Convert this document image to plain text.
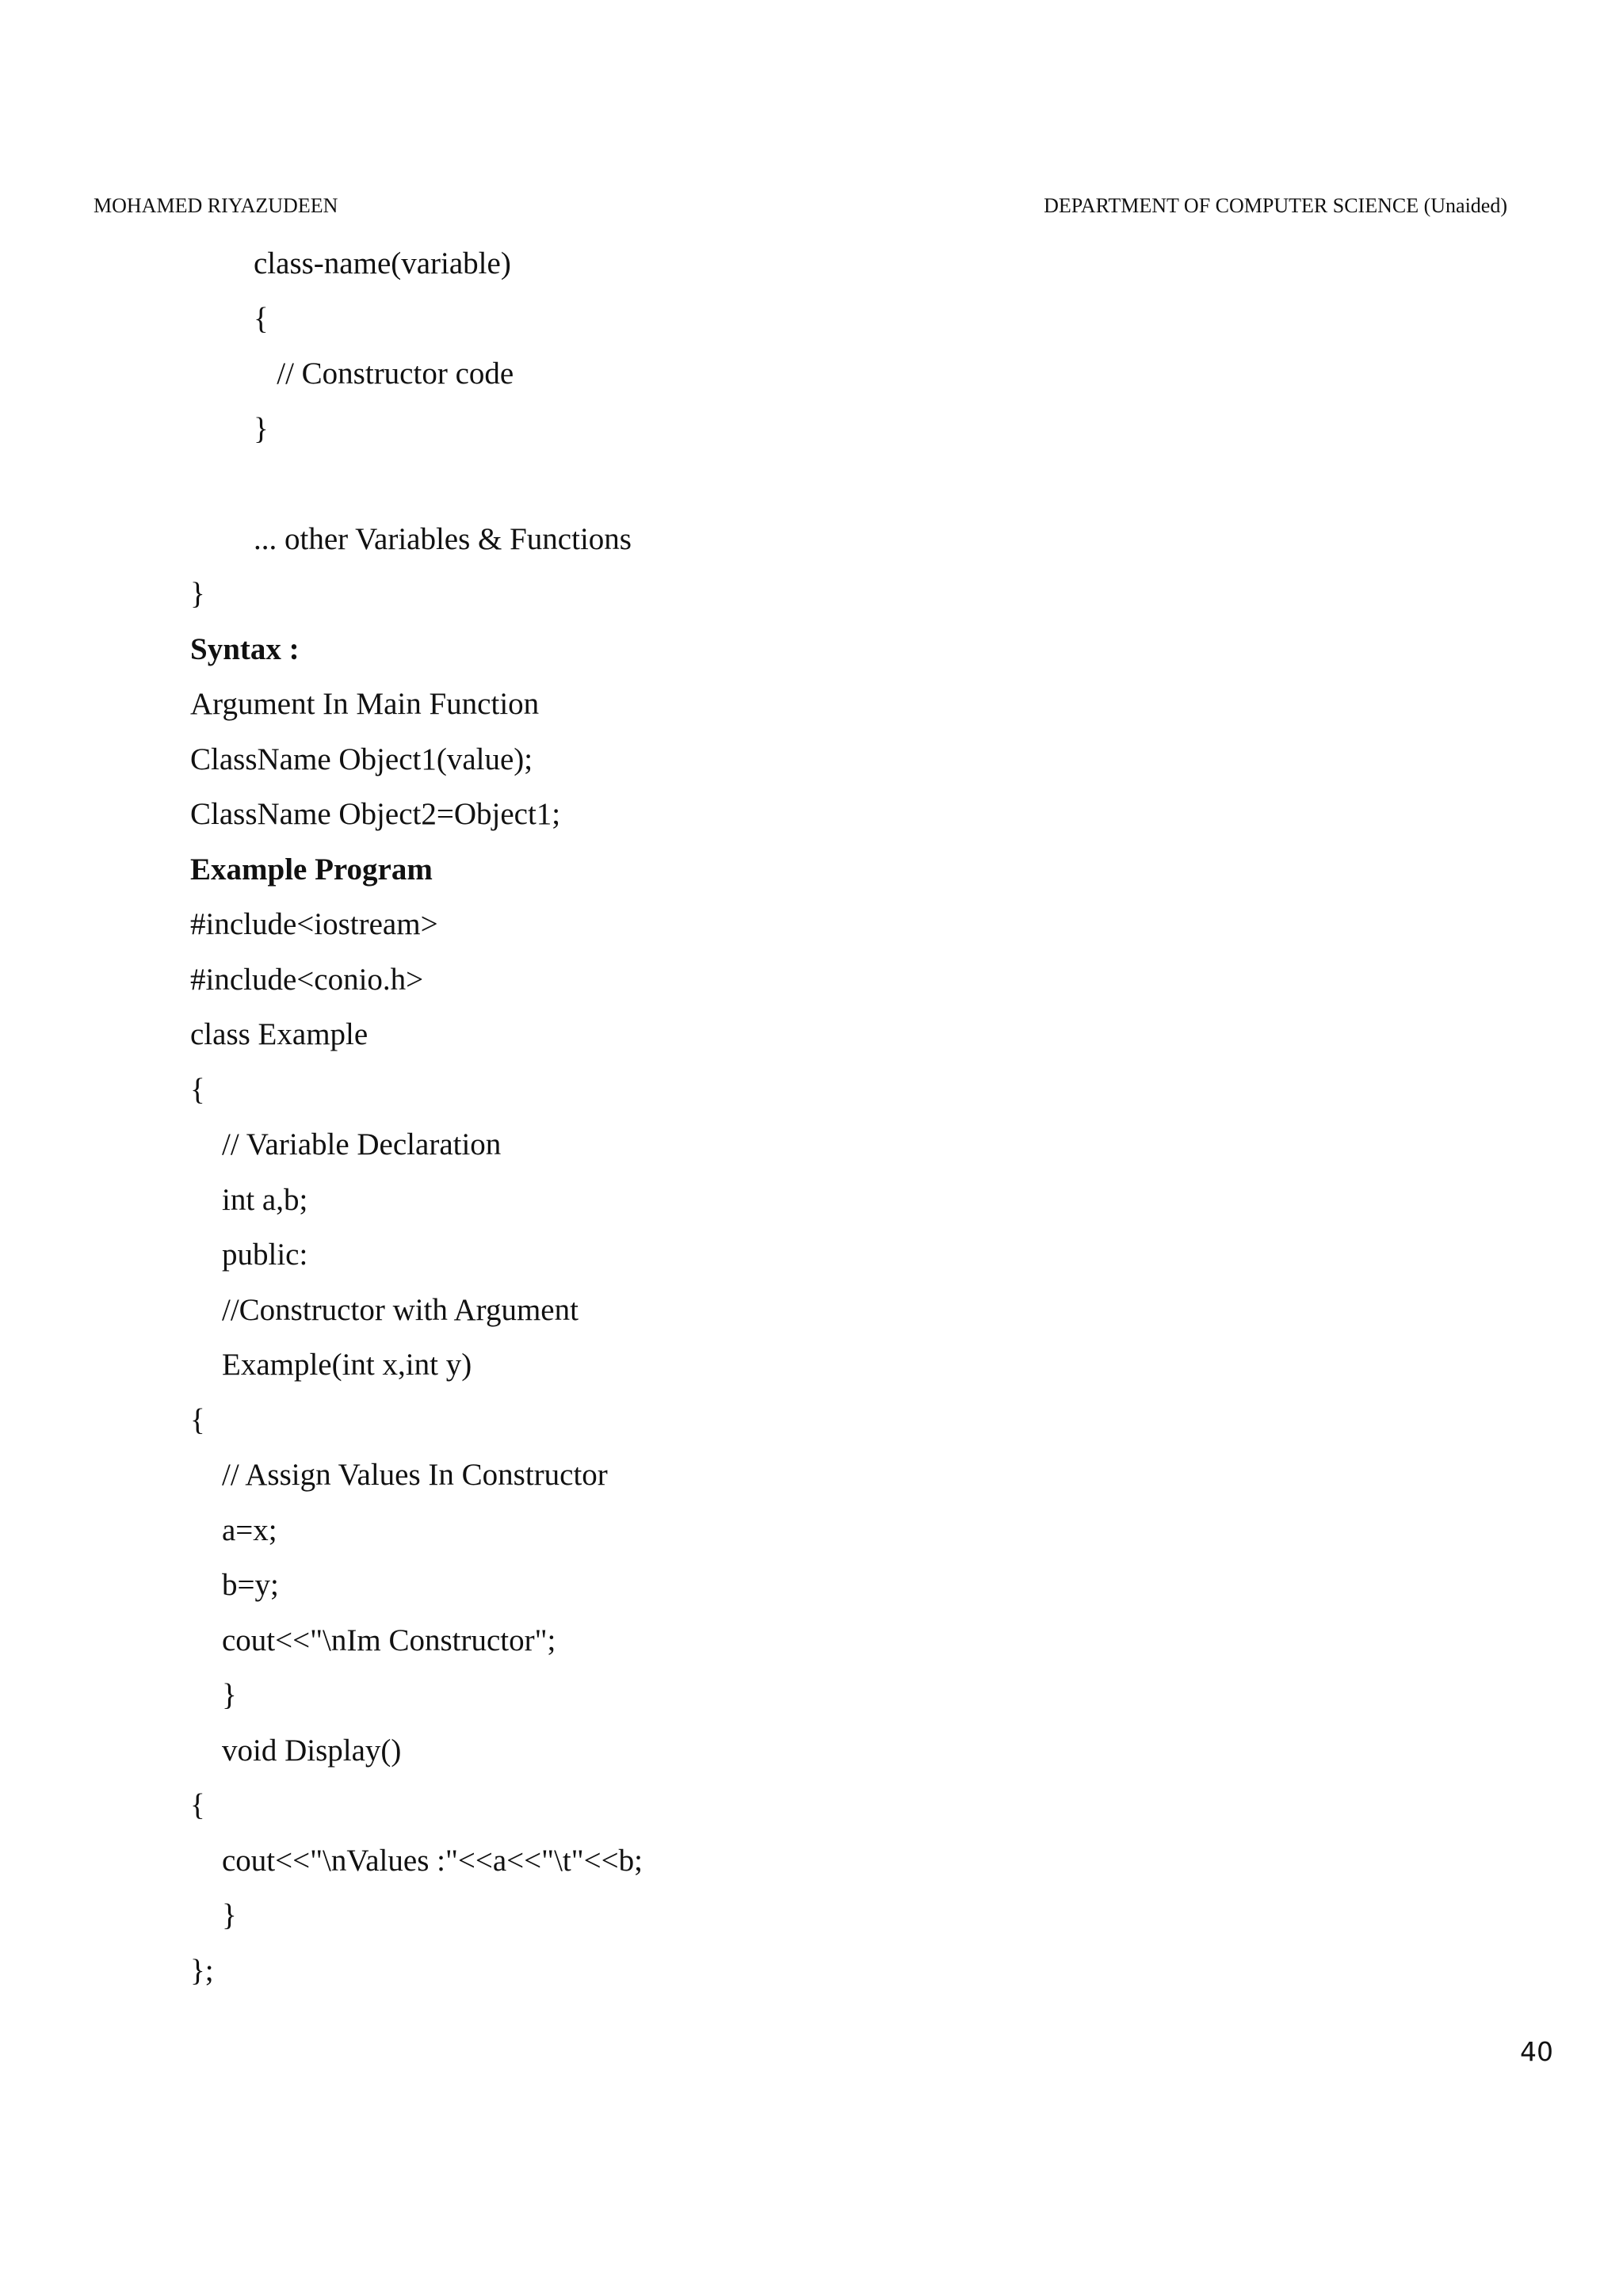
MOHAMED RIYAZUDEEN	DEPARTMENT OF COMPUTER SCIENCE (Unaided)
class-name(variable)
{
// Constructor code
}
... other Variables & Functions
}
Syntax :
Argument In Main Function
ClassName Object1(value);
ClassName Object2=Object1;
Example Program
#include<iostream>
#include<conio.h>
class Example
{
// Variable Declaration
int a,b;
public:
//Constructor with Argument
Example(int x,int y)
{
// Assign Values In Constructor
a=x;
b=y;
cout<<"\nIm Constructor";
}
void Display()
{
cout<<"\nValues :"<<a<<"\t"<<b;
}
};
40
